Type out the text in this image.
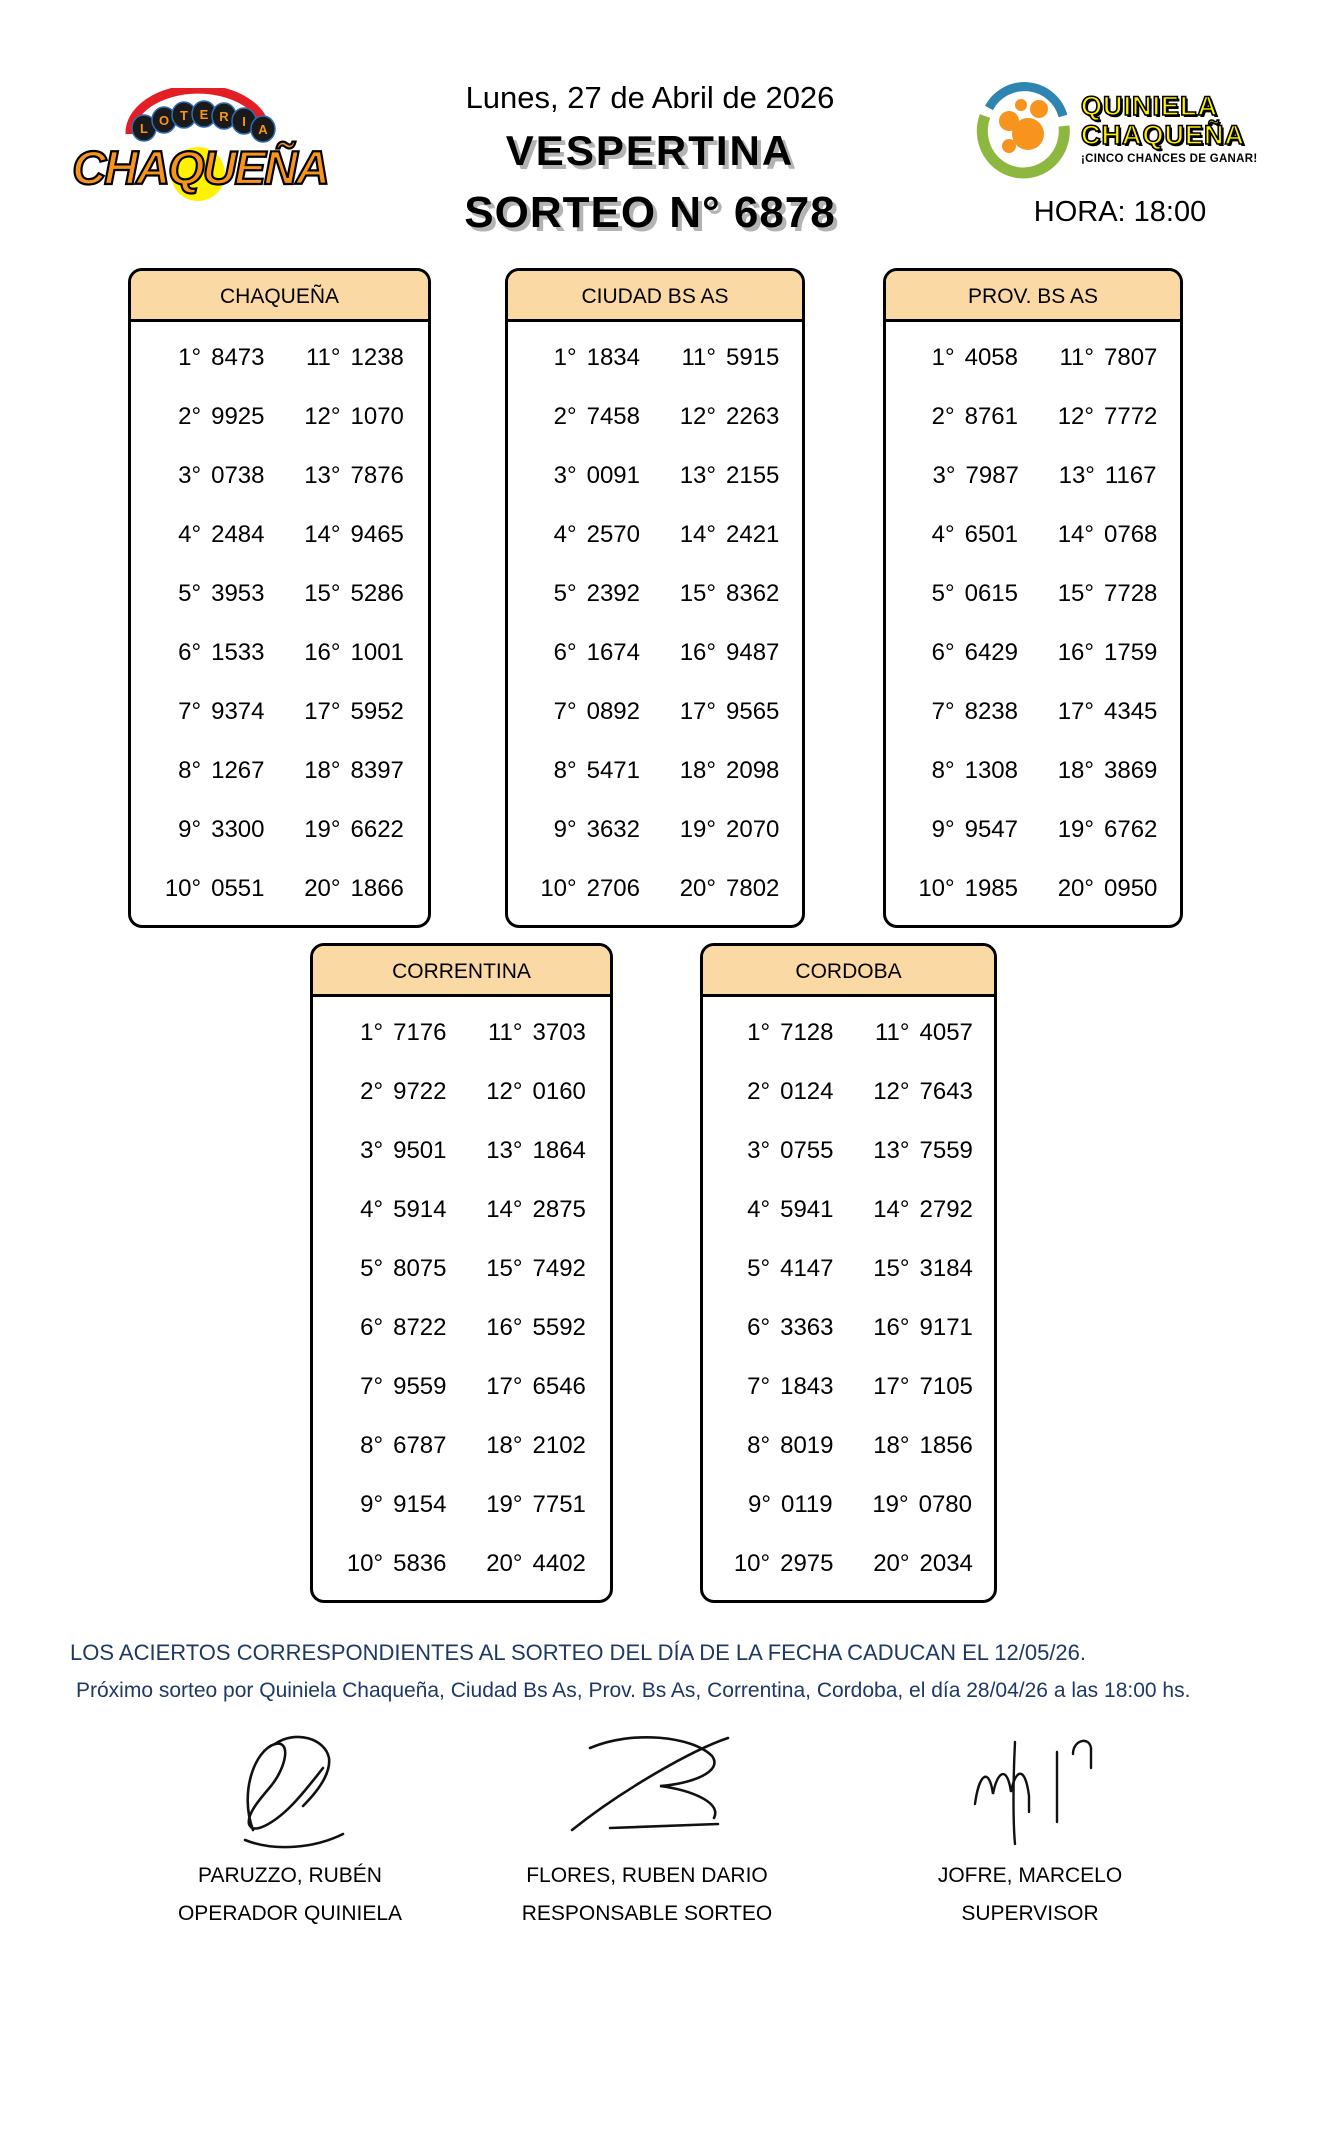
L
O T E R I
A
CHAQUEÑA
Lunes, 27 de Abril de 2026
VESPERTINA
SORTEO N° 6878
QUINIELA
CHAQUEÑA
¡CINCO CHANCES DE GANAR!
HORA: 18:00
CHAQUEÑA
1° 8473	11° 1238
2° 9925	12° 1070
3° 0738	13° 7876
4° 2484	14° 9465
5° 3953	15° 5286
6° 1533	16° 1001
7° 9374	17° 5952
8° 1267	18° 8397
9° 3300	19° 6622
10° 0551	20° 1866
CIUDAD BS AS
1° 1834	11° 5915
2° 7458	12° 2263
3° 0091	13° 2155
4° 2570	14° 2421
5° 2392	15° 8362
6° 1674	16° 9487
7° 0892	17° 9565
8° 5471	18° 2098
9° 3632	19° 2070
10° 2706	20° 7802
PROV. BS AS
1° 4058	11° 7807
2° 8761	12° 7772
3° 7987	13° 1167
4° 6501	14° 0768
5° 0615	15° 7728
6° 6429	16° 1759
7° 8238	17° 4345
8° 1308	18° 3869
9° 9547	19° 6762
10° 1985	20° 0950
CORRENTINA
1° 7176	11° 3703
2° 9722	12° 0160
3° 9501	13° 1864
4° 5914	14° 2875
5° 8075	15° 7492
6° 8722	16° 5592
7° 9559	17° 6546
8° 6787	18° 2102
9° 9154	19° 7751
10° 5836	20° 4402
CORDOBA
1° 7128	11° 4057
2° 0124	12° 7643
3° 0755	13° 7559
4° 5941	14° 2792
5° 4147	15° 3184
6° 3363	16° 9171
7° 1843	17° 7105
8° 8019	18° 1856
9° 0119	19° 0780
10° 2975	20° 2034
LOS ACIERTOS CORRESPONDIENTES AL SORTEO DEL DÍA DE LA FECHA CADUCAN EL 12/05/26.
Próximo sorteo por Quiniela Chaqueña, Ciudad Bs As, Prov. Bs As, Correntina, Cordoba, el día 28/04/26 a las 18:00 hs.
PARUZZO, RUBÉN
OPERADOR QUINIELA
FLORES, RUBEN DARIO
RESPONSABLE SORTEO
JOFRE, MARCELO
SUPERVISOR
